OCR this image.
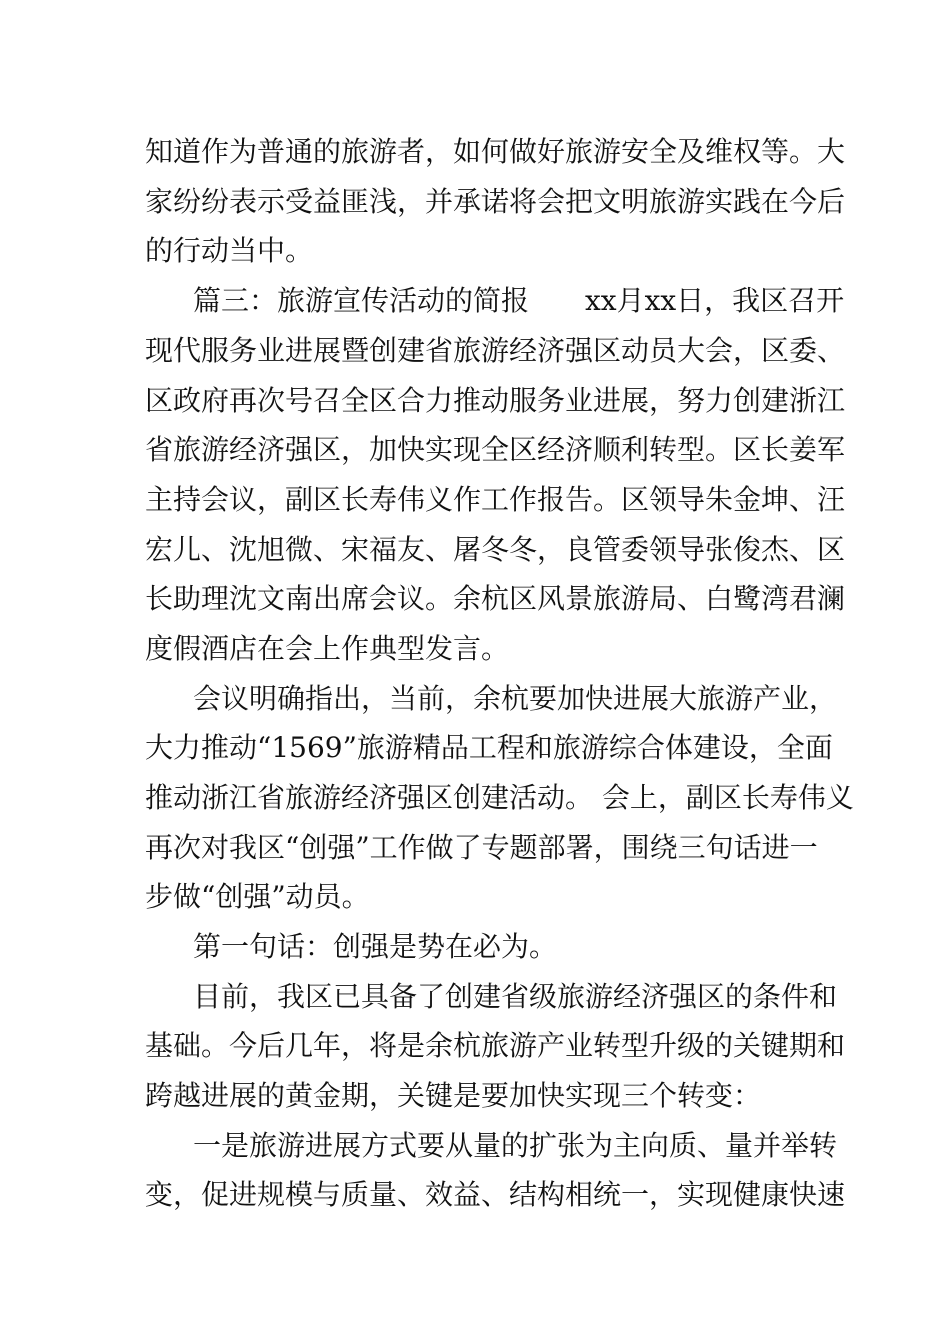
知道作为普通的旅游者，如何做好旅游安全及维权等。大
家纷纷表示受益匪浅，并承诺将会把文明旅游实践在今后
的行动当中。
篇三：旅游宣传活动的简报　　xx月xx日，我区召开
现代服务业进展暨创建省旅游经济强区动员大会，区委、
区政府再次号召全区合力推动服务业进展，努力创建浙江
省旅游经济强区，加快实现全区经济顺利转型。区长姜军
主持会议，副区长寿伟义作工作报告。区领导朱金坤、汪
宏儿、沈旭微、宋福友、屠冬冬，良管委领导张俊杰、区
长助理沈文南出席会议。余杭区风景旅游局、白鹭湾君澜
度假酒店在会上作典型发言。
会议明确指出，当前，余杭要加快进展大旅游产业，
大力推动“1569”旅游精品工程和旅游综合体建设，全面
推动浙江省旅游经济强区创建活动。 会上，副区长寿伟义
再次对我区“创强”工作做了专题部署，围绕三句话进一
步做“创强”动员。
第一句话：创强是势在必为。
目前，我区已具备了创建省级旅游经济强区的条件和
基础。今后几年，将是余杭旅游产业转型升级的关键期和
跨越进展的黄金期，关键是要加快实现三个转变：
一是旅游进展方式要从量的扩张为主向质、量并举转
变，促进规模与质量、效益、结构相统一，实现健康快速
